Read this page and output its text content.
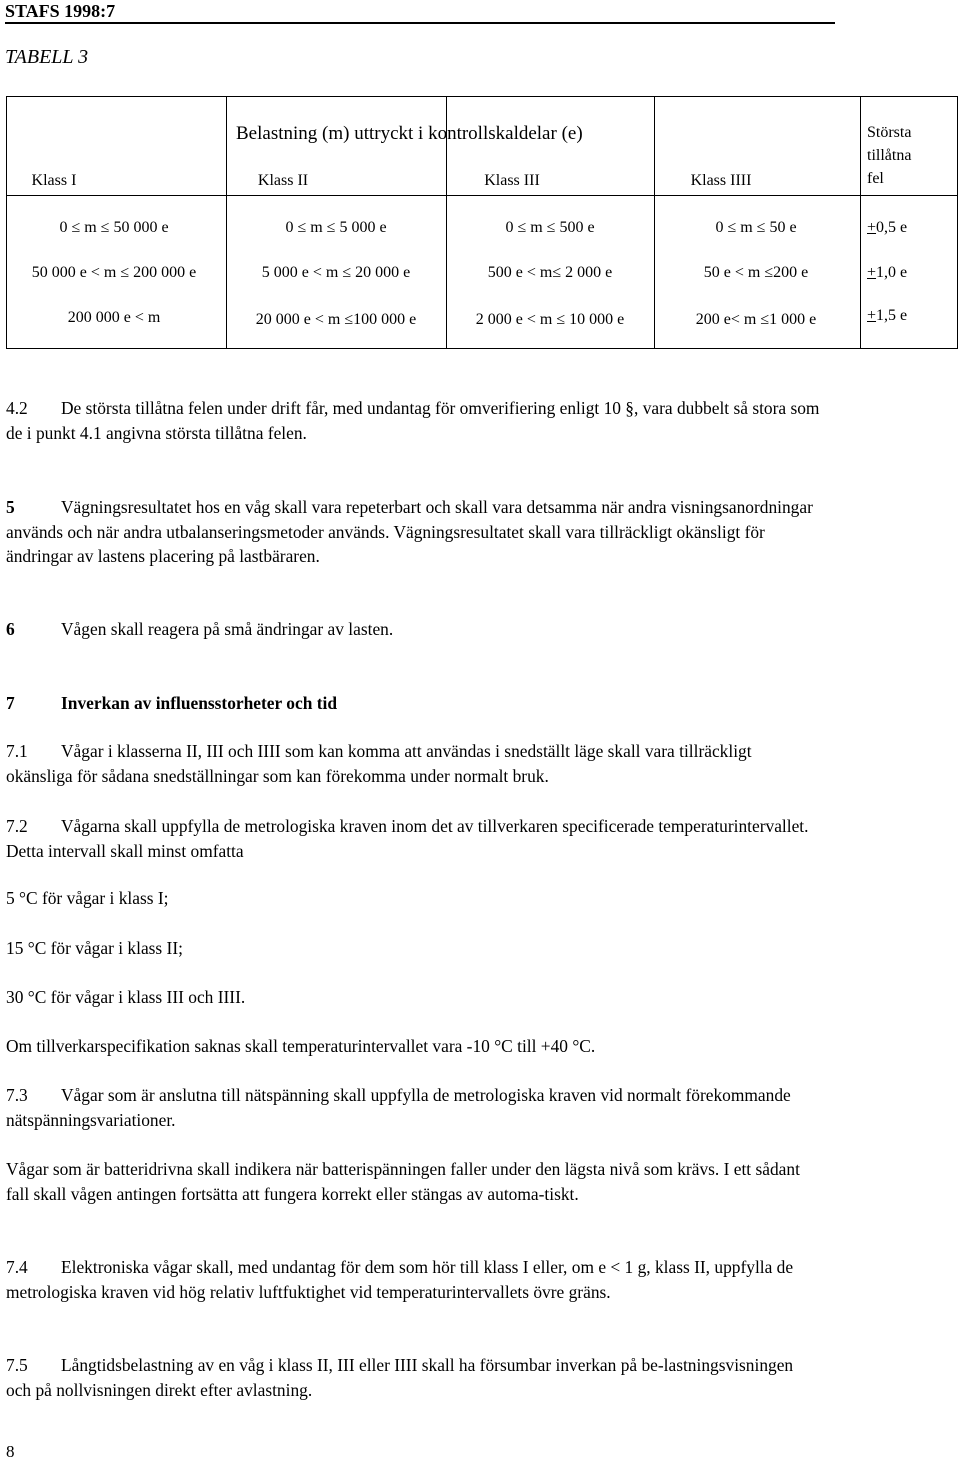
STAFS 1998:7
TABELL 3
Belastning (m) uttryckt i kontrollskaldelar (e)
Klass I	Klass II	Klass III	Klass IIII
Största
tillåtna
fel
0 ≤ m ≤ 50 000 e	0 ≤ m ≤ 5 000 e	0 ≤ m ≤ 500 e	0 ≤ m ≤ 50 e	+0,5 e
50 000 e < m ≤ 200 000 e	5 000 e < m ≤ 20 000 e	500 e < m≤ 2 000 e	50 e < m ≤200 e	+1,0 e
200 000 e < m	20 000 e < m ≤100 000 e	2 000 e < m ≤ 10 000 e	200 e< m ≤1 000 e	+1,5 e
4.2 De största tillåtna felen under drift får, med undantag för omverifiering enligt 10 §, vara dubbelt så stora som de i punkt 4.1 angivna största tillåtna felen.
5	Vägningsresultatet hos en våg skall vara repeterbart och skall vara detsamma när andra visningsanordningar används och när andra utbalanseringsmetoder används. Vägningsresultatet skall vara tillräckligt okänsligt för ändringar av lastens placering på lastbäraren.
6	Vågen skall reagera på små ändringar av lasten.
7	Inverkan av influensstorheter och tid
7.1 Vågar i klasserna II, III och IIII som kan komma att användas i snedställt läge skall vara tillräckligt okänsliga för sådana snedställningar som kan förekomma under normalt bruk.
7.2 Vågarna skall uppfylla de metrologiska kraven inom det av tillverkaren specificerade temperaturintervallet. Detta intervall skall minst omfatta
5 °C för vågar i klass I;
15 °C för vågar i klass II;
30 °C för vågar i klass III och IIII.
Om tillverkarspecifikation saknas skall temperaturintervallet vara -10 °C till +40 °C.
7.3 Vågar som är anslutna till nätspänning skall uppfylla de metrologiska kraven vid normalt förekommande nätspänningsvariationer.
Vågar som är batteridrivna skall indikera när batterispänningen faller under den lägsta nivå som krävs. I ett sådant fall skall vågen antingen fortsätta att fungera korrekt eller stängas av automa-tiskt.
7.4 Elektroniska vågar skall, med undantag för dem som hör till klass I eller, om e < 1 g, klass II, uppfylla de metrologiska kraven vid hög relativ luftfuktighet vid temperaturintervallets övre gräns.
7.5 Långtidsbelastning av en våg i klass II, III eller IIII skall ha försumbar inverkan på be-lastningsvisningen och på nollvisningen direkt efter avlastning.
8
